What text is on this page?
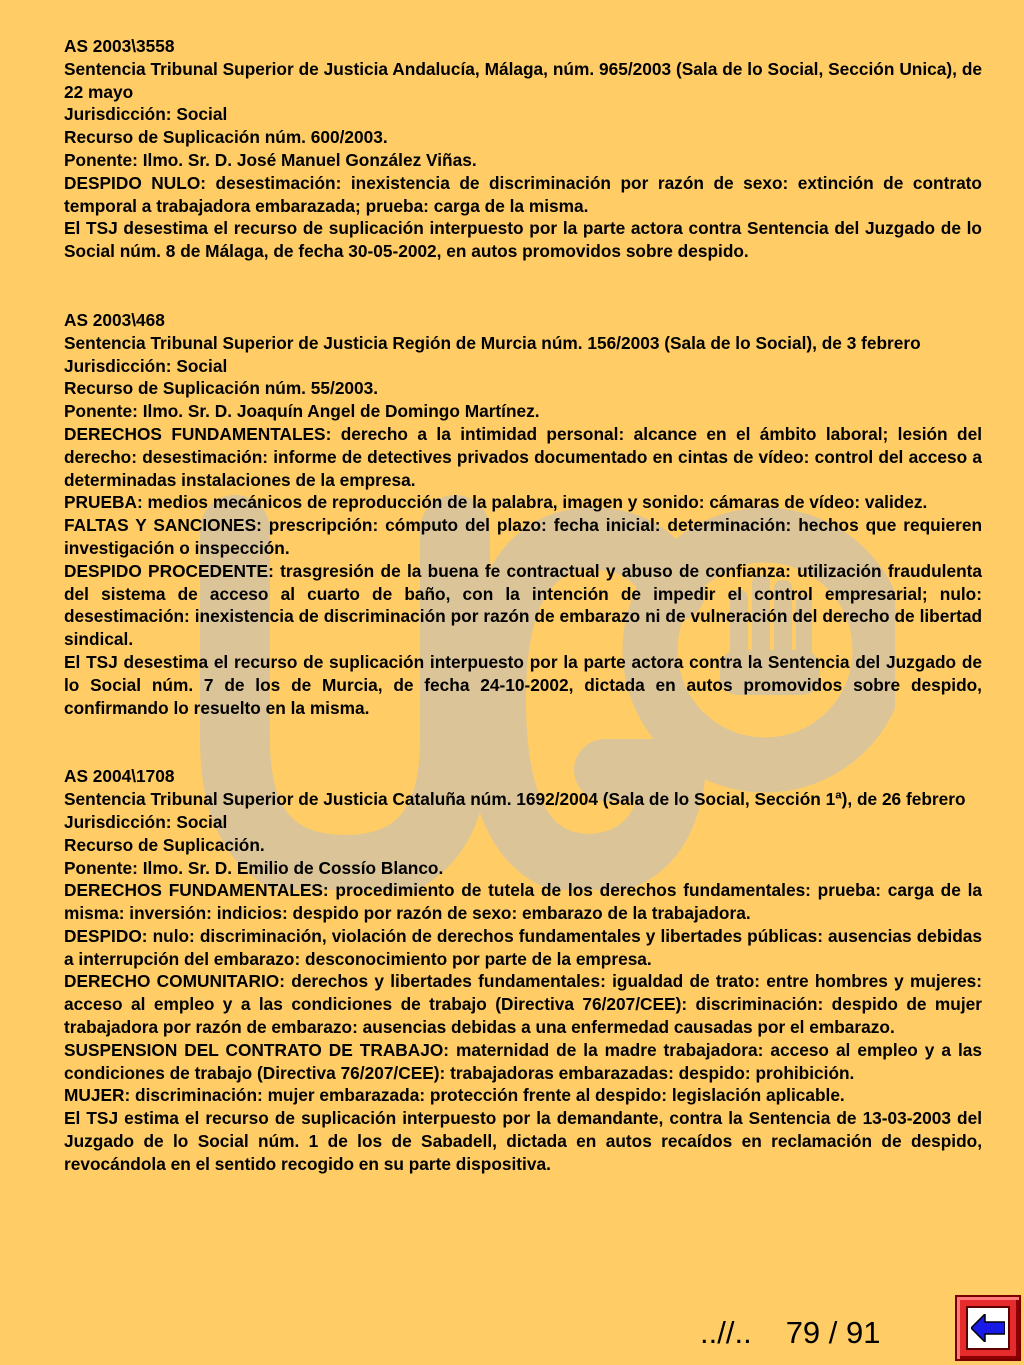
AS 2003\3558

Sentencia Tribunal Superior de Justicia Andalucía, Málaga, núm. 965/2003 (Sala de lo Social, Sección Unica), de 22 mayo

Jurisdicción: Social

Recurso de Suplicación núm. 600/2003.

Ponente: Ilmo. Sr. D. José Manuel González Viñas.

DESPIDO NULO: desestimación: inexistencia de discriminación por razón de sexo: extinción de contrato temporal a trabajadora embarazada; prueba: carga de la misma.

El TSJ desestima el recurso de suplicación interpuesto por la parte actora contra Sentencia del Juzgado de lo Social núm. 8 de Málaga, de fecha 30-05-2002, en autos promovidos sobre despido.

AS 2003\468

Sentencia Tribunal Superior de Justicia Región de Murcia núm. 156/2003 (Sala de lo Social), de 3 febrero

Jurisdicción: Social

Recurso de Suplicación núm. 55/2003.

Ponente: Ilmo. Sr. D. Joaquín Angel de Domingo Martínez.

DERECHOS FUNDAMENTALES: derecho a la intimidad personal: alcance en el ámbito laboral; lesión del derecho: desestimación: informe de detectives privados documentado en cintas de vídeo: control del acceso a determinadas instalaciones de la empresa.

PRUEBA: medios mecánicos de reproducción de la palabra, imagen y sonido: cámaras de vídeo: validez.

FALTAS Y SANCIONES: prescripción: cómputo del plazo: fecha inicial: determinación: hechos que requieren investigación o inspección.

DESPIDO PROCEDENTE: trasgresión de la buena fe contractual y abuso de confianza: utilización fraudulenta del sistema de acceso al cuarto de baño, con la intención de impedir el control empresarial; nulo: desestimación: inexistencia de discriminación por razón de embarazo ni de vulneración del derecho de libertad sindical.

El TSJ desestima el recurso de suplicación interpuesto por la parte actora contra la Sentencia del Juzgado de lo Social núm. 7 de los de Murcia, de fecha 24-10-2002, dictada en autos promovidos sobre despido, confirmando lo resuelto en la misma.

AS 2004\1708

Sentencia Tribunal Superior de Justicia Cataluña núm. 1692/2004 (Sala de lo Social, Sección 1ª), de 26 febrero

Jurisdicción: Social

Recurso de Suplicación.

Ponente: Ilmo. Sr. D. Emilio de Cossío Blanco.

DERECHOS FUNDAMENTALES: procedimiento de tutela de los derechos fundamentales: prueba: carga de la misma: inversión: indicios: despido por razón de sexo: embarazo de la trabajadora.

DESPIDO: nulo: discriminación, violación de derechos fundamentales y libertades públicas: ausencias debidas a interrupción del embarazo: desconocimiento por parte de la empresa.

DERECHO COMUNITARIO: derechos y libertades fundamentales: igualdad de trato: entre hombres y mujeres: acceso al empleo y a las condiciones de trabajo (Directiva 76/207/CEE): discriminación: despido de mujer trabajadora por razón de embarazo: ausencias debidas a una enfermedad causadas por el embarazo.

SUSPENSION DEL CONTRATO DE TRABAJO: maternidad de la madre trabajadora: acceso al empleo y a las condiciones de trabajo (Directiva 76/207/CEE): trabajadoras embarazadas: despido: prohibición.

MUJER: discriminación: mujer embarazada: protección frente al despido: legislación aplicable.

El TSJ estima el recurso de suplicación interpuesto por la demandante, contra la Sentencia de 13-03-2003 del Juzgado de lo Social núm. 1 de los de Sabadell, dictada en autos recaídos en reclamación de despido, revocándola en el sentido recogido en su parte dispositiva.

..//.. 79 / 91
